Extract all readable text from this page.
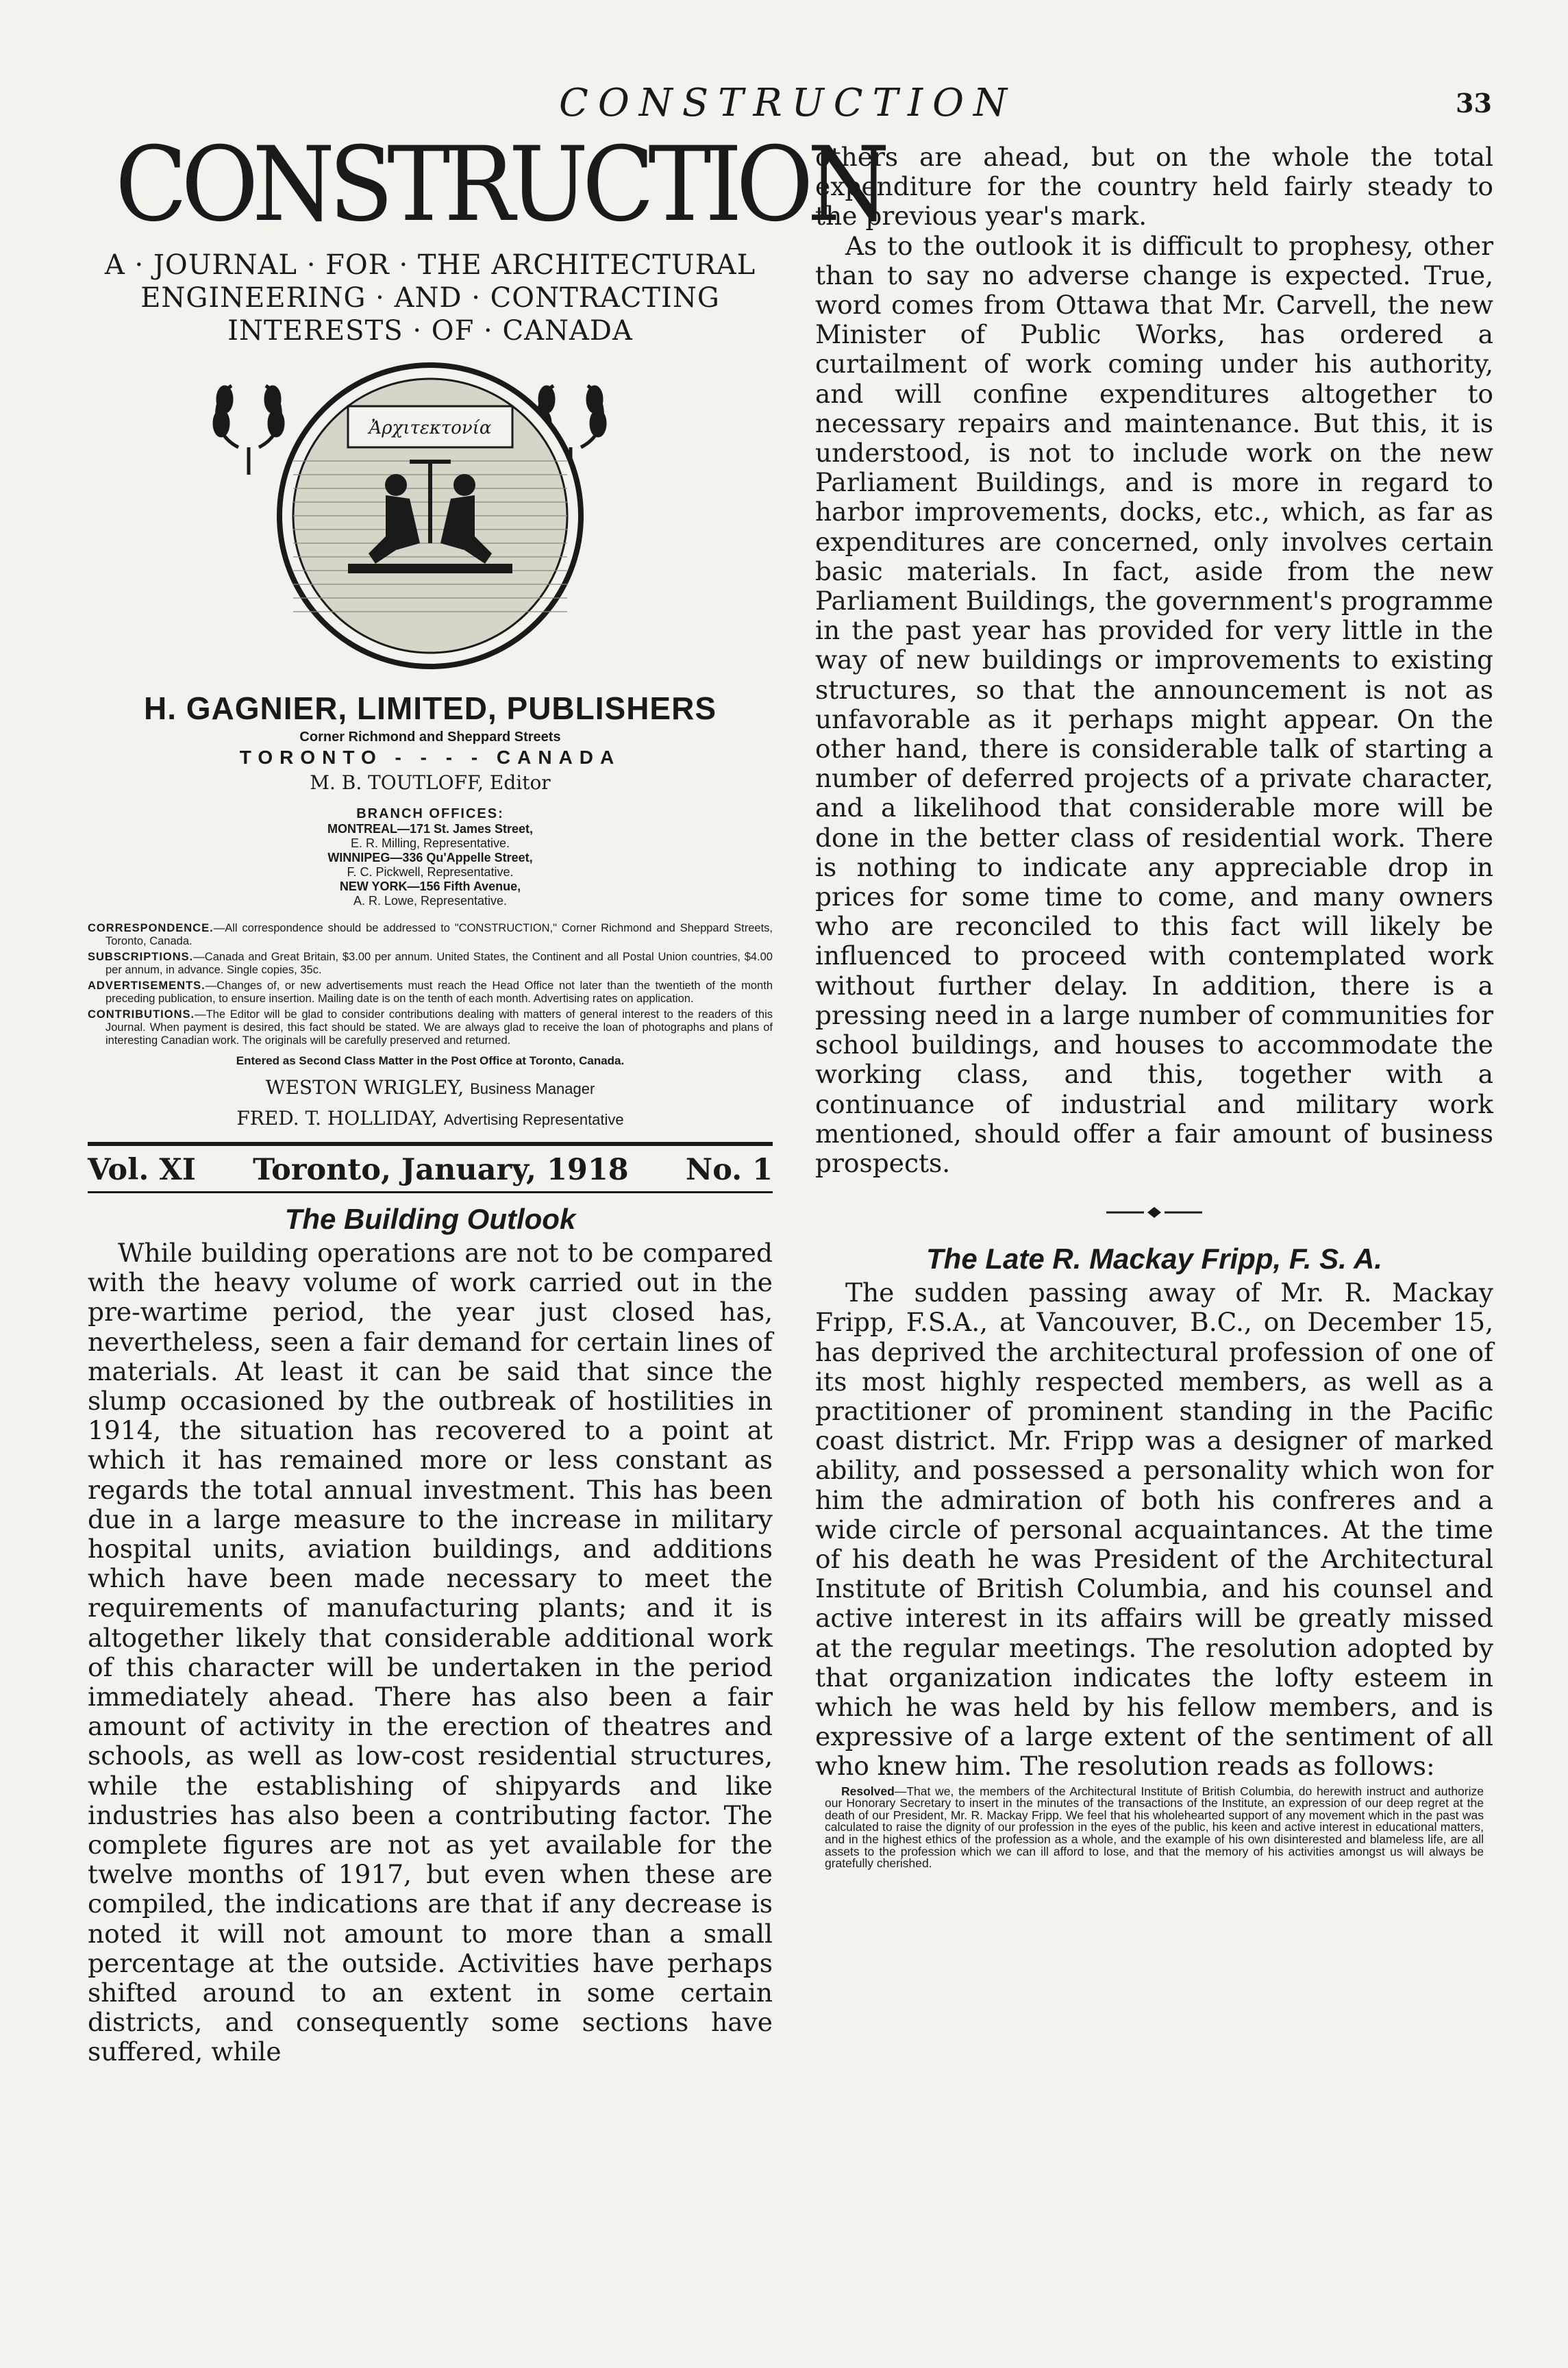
CONSTRUCTION	33
CONSTRUCTION
A · JOURNAL · FOR · THE ARCHITECTURAL
ENGINEERING · AND · CONTRACTING
INTERESTS · OF · CANADA
Ἀρχιτεκτονία
H. GAGNIER, LIMITED, PUBLISHERS
Corner Richmond and Sheppard Streets
TORONTO - - - - CANADA
M. B. TOUTLOFF, Editor
BRANCH OFFICES:
MONTREAL—171 St. James Street,
E. R. Milling, Representative.
WINNIPEG—336 Qu'Appelle Street,
F. C. Pickwell, Representative.
NEW YORK—156 Fifth Avenue,
A. R. Lowe, Representative.

CORRESPONDENCE.—All correspondence should be addressed to "CONSTRUCTION," Corner Richmond and Sheppard Streets, Toronto, Canada.

SUBSCRIPTIONS.—Canada and Great Britain, $3.00 per annum. United States, the Continent and all Postal Union countries, $4.00 per annum, in advance. Single copies, 35c.

ADVERTISEMENTS.—Changes of, or new advertisements must reach the Head Office not later than the twentieth of the month preceding publication, to ensure insertion. Mailing date is on the tenth of each month. Advertising rates on application.

CONTRIBUTIONS.—The Editor will be glad to consider contributions dealing with matters of general interest to the readers of this Journal. When payment is desired, this fact should be stated. We are always glad to receive the loan of photographs and plans of interesting Canadian work. The originals will be carefully preserved and returned.

Entered as Second Class Matter in the Post Office at Toronto, Canada.
WESTON WRIGLEY, Business Manager
FRED. T. HOLLIDAY, Advertising Representative
Vol. XI Toronto, January, 1918 No. 1
The Building Outlook

While building operations are not to be compared with the heavy volume of work carried out in the pre-wartime period, the year just closed has, nevertheless, seen a fair demand for certain lines of materials. At least it can be said that since the slump occasioned by the outbreak of hostilities in 1914, the situation has recovered to a point at which it has remained more or less constant as regards the total annual investment. This has been due in a large measure to the increase in military hospital units, aviation buildings, and additions which have been made necessary to meet the requirements of manufacturing plants; and it is altogether likely that considerable additional work of this character will be undertaken in the period immediately ahead. There has also been a fair amount of activity in the erection of theatres and schools, as well as low-cost residential structures, while the establishing of shipyards and like industries has also been a contributing factor. The complete figures are not as yet available for the twelve months of 1917, but even when these are compiled, the indications are that if any decrease is noted it will not amount to more than a small percentage at the outside. Activities have perhaps shifted around to an extent in some certain districts, and consequently some sections have suffered, while

others are ahead, but on the whole the total expenditure for the country held fairly steady to the previous year's mark.

As to the outlook it is difficult to prophesy, other than to say no adverse change is expected. True, word comes from Ottawa that Mr. Carvell, the new Minister of Public Works, has ordered a curtailment of work coming under his authority, and will confine expenditures altogether to necessary repairs and maintenance. But this, it is understood, is not to include work on the new Parliament Buildings, and is more in regard to harbor improvements, docks, etc., which, as far as expenditures are concerned, only involves certain basic materials. In fact, aside from the new Parliament Buildings, the government's programme in the past year has provided for very little in the way of new buildings or improvements to existing structures, so that the announcement is not as unfavorable as it perhaps might appear. On the other hand, there is considerable talk of starting a number of deferred projects of a private character, and a likelihood that considerable more will be done in the better class of residential work. There is nothing to indicate any appreciable drop in prices for some time to come, and many owners who are reconciled to this fact will likely be influenced to proceed with contemplated work without further delay. In addition, there is a pressing need in a large number of communities for school buildings, and houses to accommodate the working class, and this, together with a continuance of industrial and military work mentioned, should offer a fair amount of business prospects.

The Late R. Mackay Fripp, F. S. A.

The sudden passing away of Mr. R. Mackay Fripp, F.S.A., at Vancouver, B.C., on December 15, has deprived the architectural profession of one of its most highly respected members, as well as a practitioner of prominent standing in the Pacific coast district. Mr. Fripp was a designer of marked ability, and possessed a personality which won for him the admiration of both his confreres and a wide circle of personal acquaintances. At the time of his death he was President of the Architectural Institute of British Columbia, and his counsel and active interest in its affairs will be greatly missed at the regular meetings. The resolution adopted by that organization indicates the lofty esteem in which he was held by his fellow members, and is expressive of a large extent of the sentiment of all who knew him. The resolution reads as follows:

Resolved—That we, the members of the Architectural Institute of British Columbia, do herewith instruct and authorize our Honorary Secretary to insert in the minutes of the transactions of the Institute, an expression of our deep regret at the death of our President, Mr. R. Mackay Fripp. We feel that his wholehearted support of any movement which in the past was calculated to raise the dignity of our profession in the eyes of the public, his keen and active interest in educational matters, and in the highest ethics of the profession as a whole, and the example of his own disinterested and blameless life, are all assets to the profession which we can ill afford to lose, and that the memory of his activities amongst us will always be gratefully cherished.
